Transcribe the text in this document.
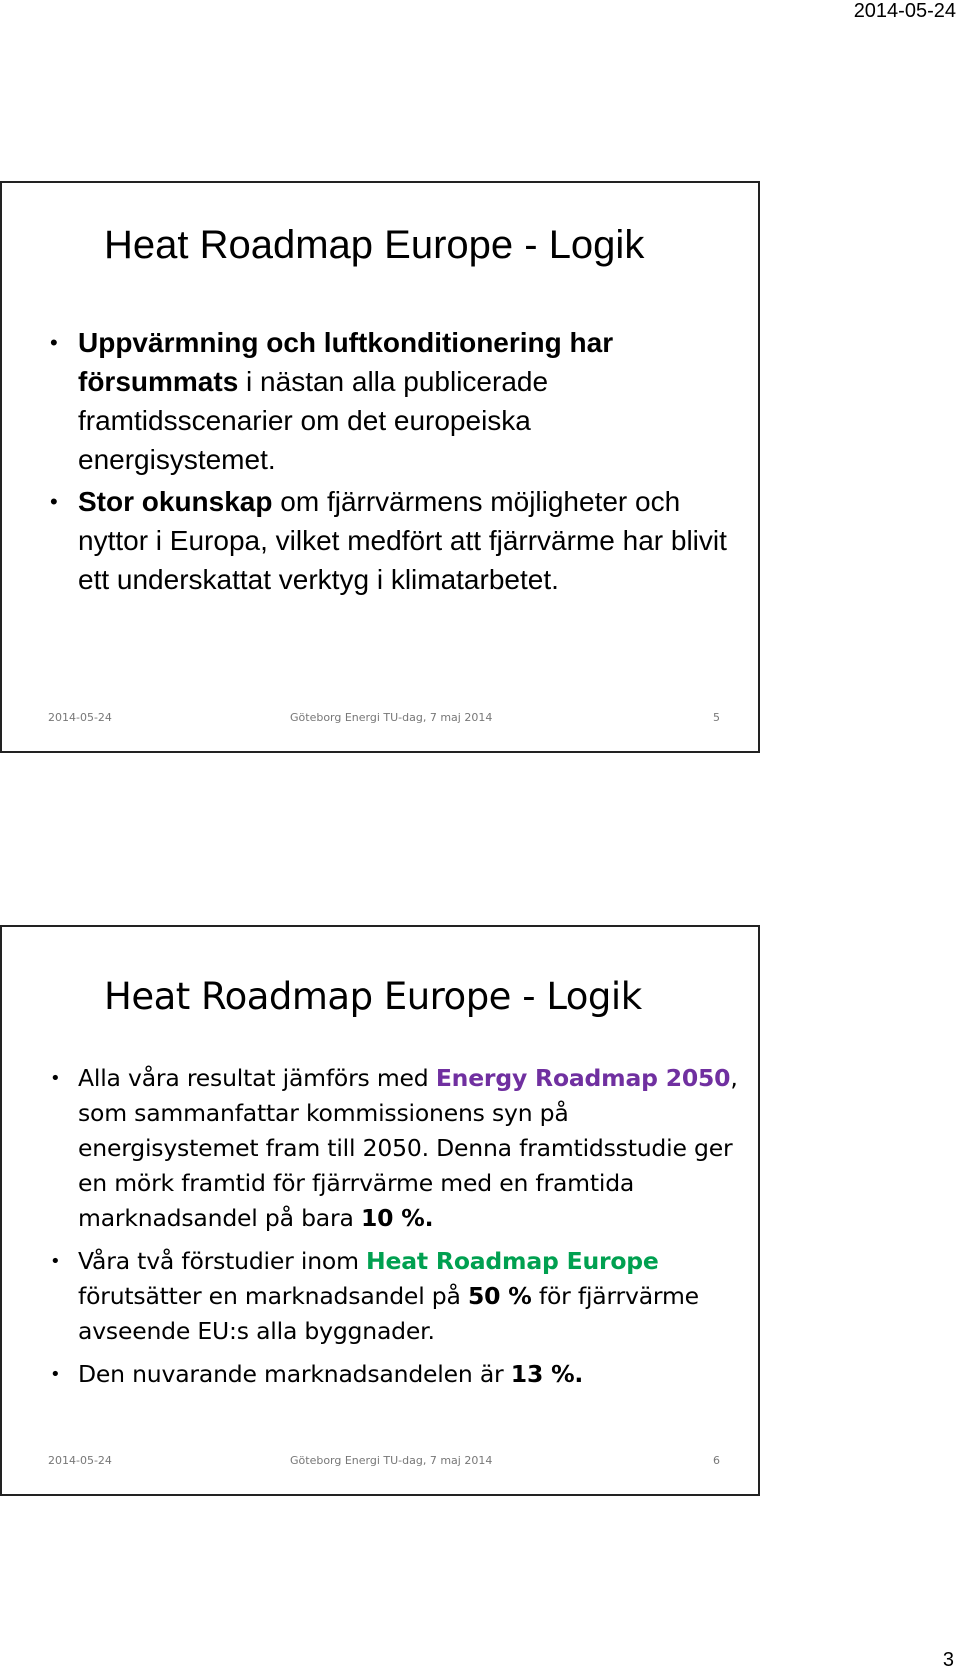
2014-05-24
Heat Roadmap Europe - Logik
• Uppvärmning och luftkonditionering har försummats i nästan alla publicerade framtidsscenarier om det europeiska energisystemet.
• Stor okunskap om fjärrvärmens möjligheter och nyttor i Europa, vilket medfört att fjärrvärme har blivit ett underskattat verktyg i klimatarbetet.
2014-05-24	Göteborg Energi TU-dag, 7 maj 2014	5
Heat Roadmap Europe - Logik
• Alla våra resultat jämförs med Energy Roadmap 2050, som sammanfattar kommissionens syn på energisystemet fram till 2050. Denna framtidsstudie ger en mörk framtid för fjärrvärme med en framtida marknadsandel på bara 10 %.
• Våra två förstudier inom Heat Roadmap Europe förutsätter en marknadsandel på 50 % för fjärrvärme avseende EU:s alla byggnader.
• Den nuvarande marknadsandelen är 13 %.
2014-05-24	Göteborg Energi TU-dag, 7 maj 2014	6
3
